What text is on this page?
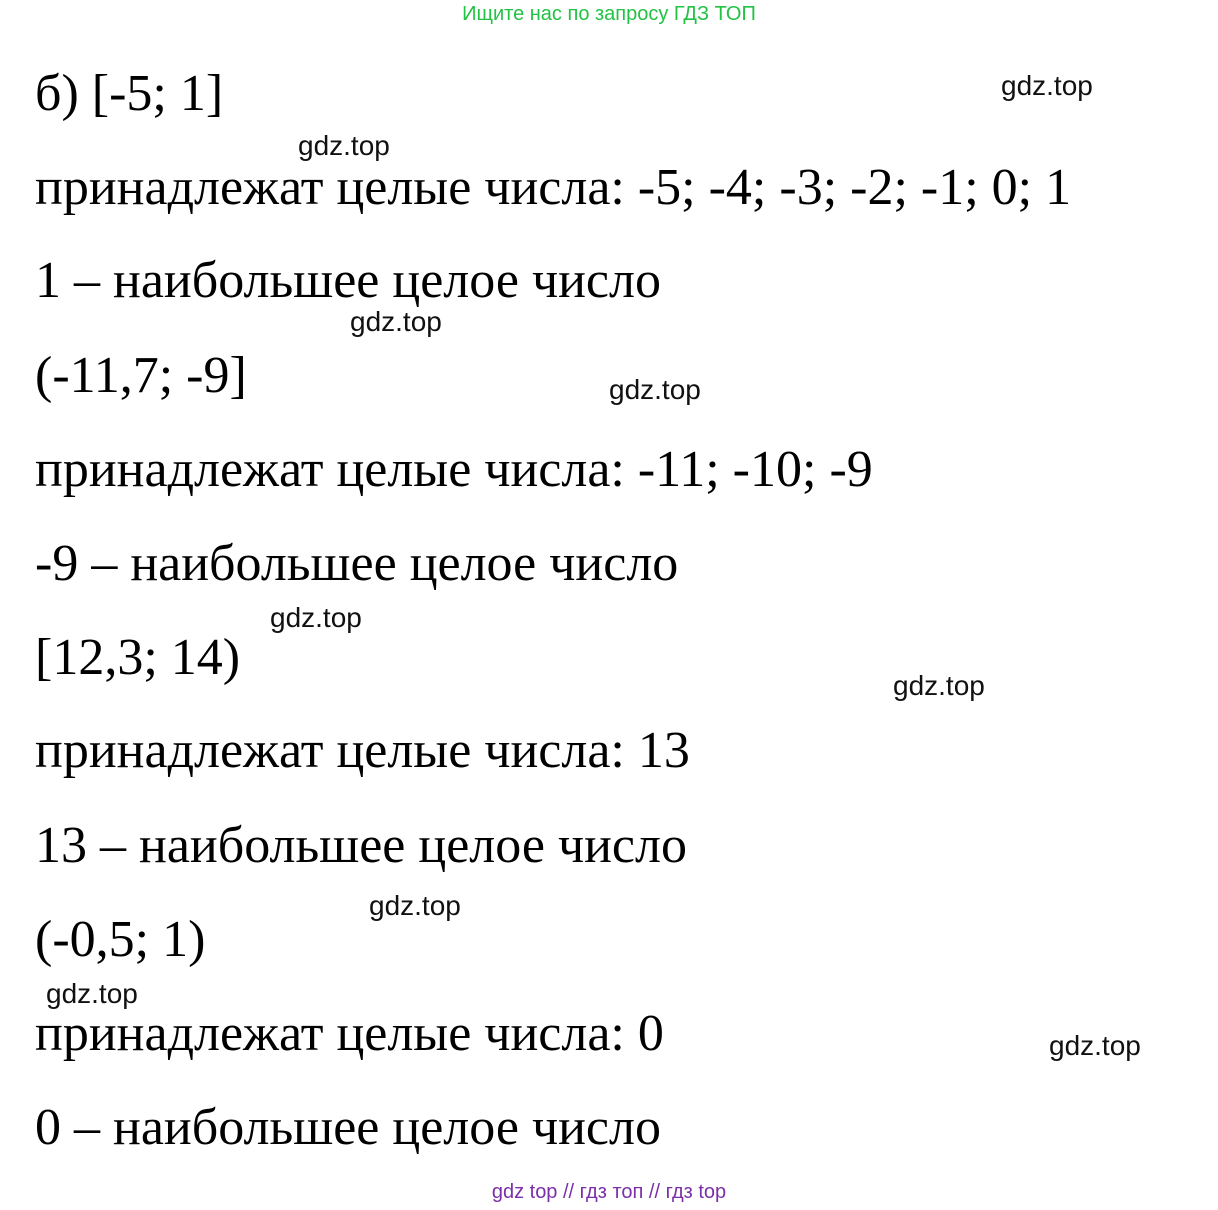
Ищите нас по запросу ГДЗ ТОП
б) [-5; 1]
принадлежат целые числа: -5; -4; -3; -2; -1; 0; 1
1 – наибольшее целое число
(-11,7; -9]
принадлежат целые числа: -11; -10; -9
-9 – наибольшее целое число
[12,3; 14)
принадлежат целые числа: 13
13 – наибольшее целое число
(-0,5; 1)
принадлежат целые числа: 0
0 – наибольшее целое число
gdz.top
gdz.top
gdz.top
gdz.top
gdz.top
gdz.top
gdz.top
gdz.top
gdz.top
gdz top // гдз топ // гдз top
